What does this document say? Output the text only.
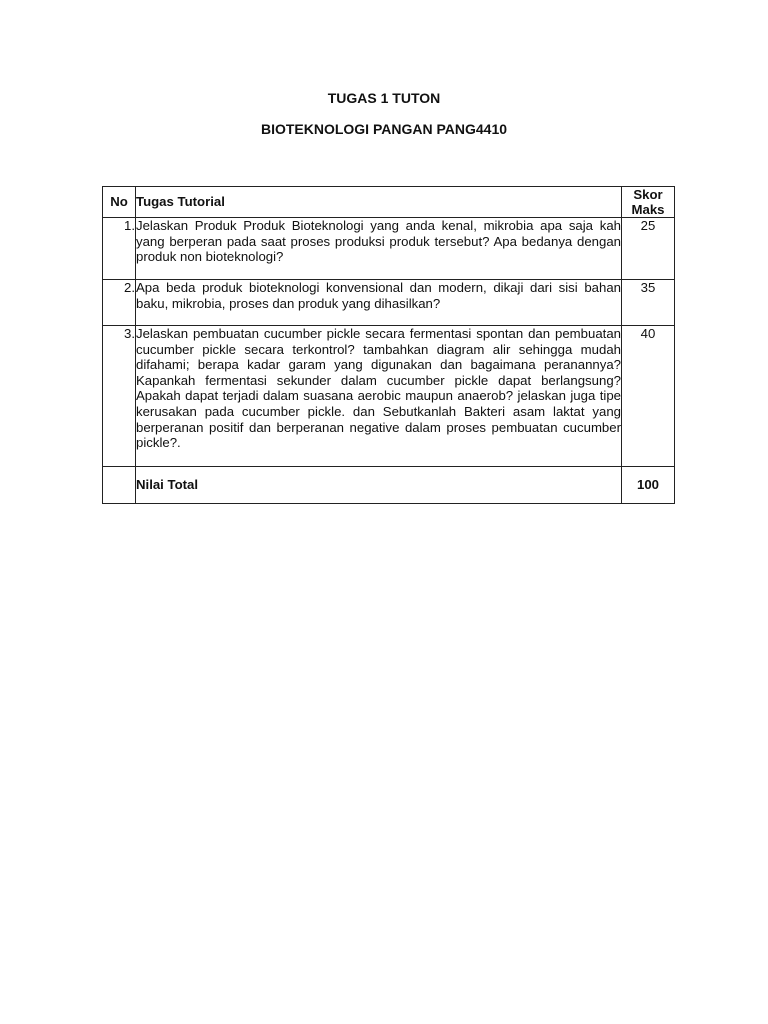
TUGAS 1 TUTON
BIOTEKNOLOGI PANGAN PANG4410
No	Tugas Tutorial	Skor
Maks

1.	Jelaskan Produk Produk Bioteknologi yang anda kenal, mikrobia apa saja kah yang berperan pada saat proses produksi produk tersebut? Apa bedanya dengan produk non bioteknologi?	25
2.	Apa beda produk bioteknologi konvensional dan modern, dikaji dari sisi bahan baku, mikrobia, proses dan produk yang dihasilkan?	35
3.	Jelaskan pembuatan cucumber pickle secara fermentasi spontan dan pembuatan cucumber pickle secara terkontrol? tambahkan diagram alir sehingga mudah difahami; berapa kadar garam yang digunakan dan bagaimana peranannya? Kapankah fermentasi sekunder dalam cucumber pickle dapat berlangsung? Apakah dapat terjadi dalam suasana aerobic maupun anaerob? jelaskan juga tipe kerusakan pada cucumber pickle. dan Sebutkanlah Bakteri asam laktat yang berperanan positif dan berperanan negative dalam proses pembuatan cucumber pickle?.	40
	Nilai Total	100
